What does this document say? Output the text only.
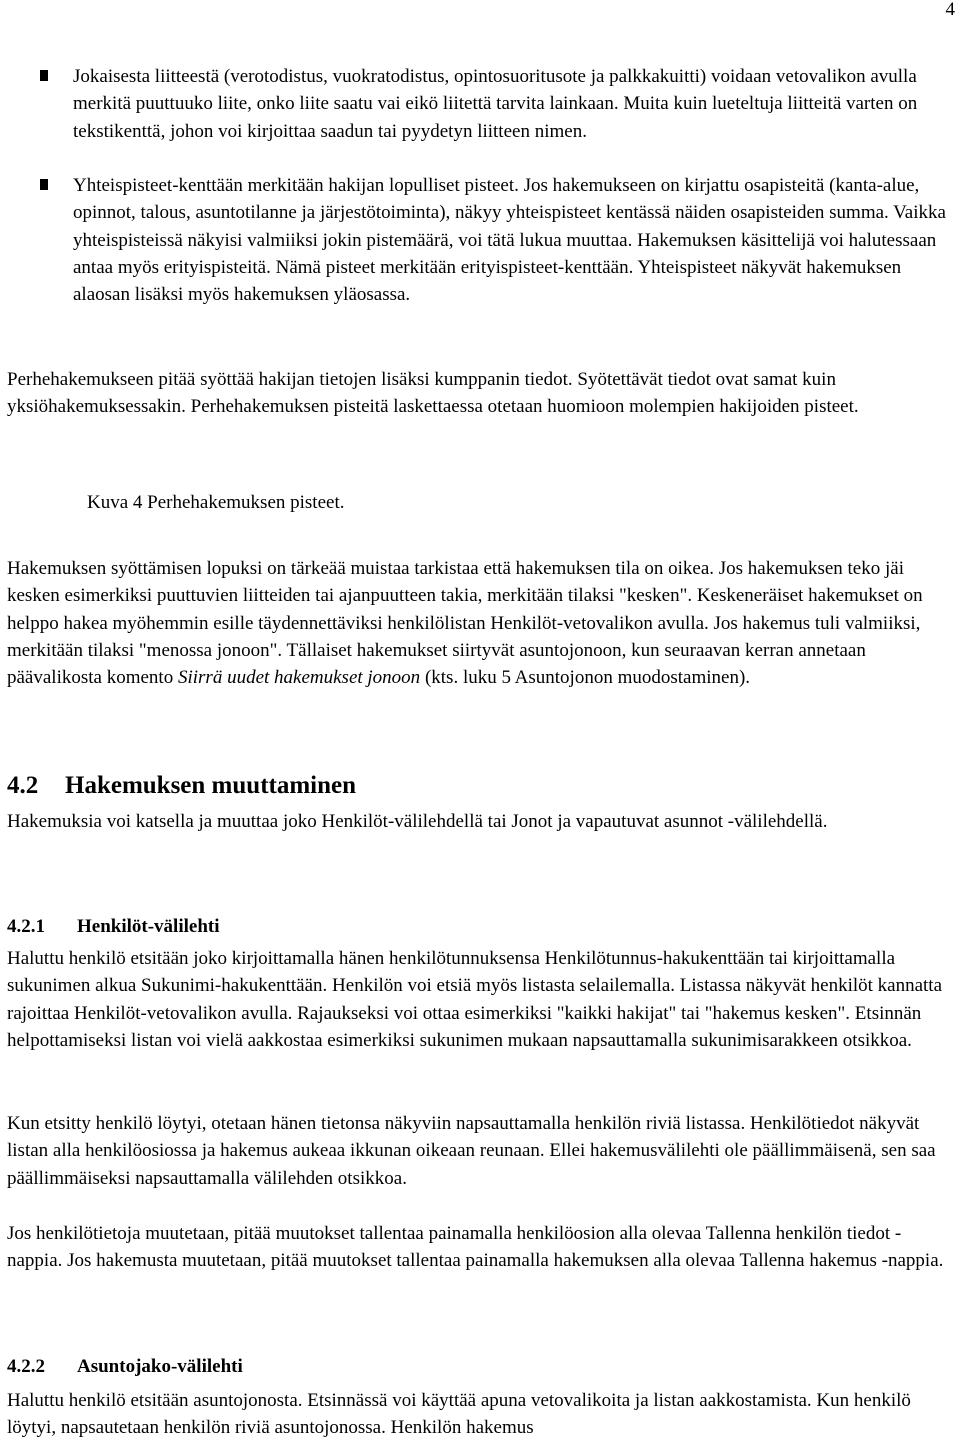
4

Jokaisesta liitteestä (verotodistus, vuokratodistus, opintosuoritusote ja palkkakuitti) voidaan vetovalikon avulla merkitä puuttuuko liite, onko liite saatu vai eikö liitettä tarvita lainkaan. Muita kuin lueteltuja liitteitä varten on tekstikenttä, johon voi kirjoittaa saadun tai pyydetyn liitteen nimen.

Yhteispisteet-kenttään merkitään hakijan lopulliset pisteet. Jos hakemukseen on kirjattu osapisteitä (kanta-alue, opinnot, talous, asuntotilanne ja järjestötoiminta), näkyy yhteispisteet kentässä näiden osapisteiden summa. Vaikka yhteispisteissä näkyisi valmiiksi jokin pistemäärä, voi tätä lukua muuttaa. Hakemuksen käsittelijä voi halutessaan antaa myös erityispisteitä. Nämä pisteet merkitään erityispisteet-kenttään. Yhteispisteet näkyvät hakemuksen alaosan lisäksi myös hakemuksen yläosassa.

Perhehakemukseen pitää syöttää hakijan tietojen lisäksi kumppanin tiedot. Syötettävät tiedot ovat samat kuin yksiöhakemuksessakin. Perhehakemuksen pisteitä laskettaessa otetaan huomioon molempien hakijoiden pisteet.

Kuva 4 Perhehakemuksen pisteet.

Hakemuksen syöttämisen lopuksi on tärkeää muistaa tarkistaa että hakemuksen tila on oikea. Jos hakemuksen teko jäi kesken esimerkiksi puuttuvien liitteiden tai ajanpuutteen takia, merkitään tilaksi "kesken". Keskeneräiset hakemukset on helppo hakea myöhemmin esille täydennettäviksi henkilölistan Henkilöt-vetovalikon avulla. Jos hakemus tuli valmiiksi, merkitään tilaksi "menossa jonoon". Tällaiset hakemukset siirtyvät asuntojonoon, kun seuraavan kerran annetaan päävalikosta komento Siirrä uudet hakemukset jonoon (kts. luku 5 Asuntojonon muodostaminen).

4.2 Hakemuksen muuttaminen

Hakemuksia voi katsella ja muuttaa joko Henkilöt-välilehdellä tai Jonot ja vapautuvat asunnot -välilehdellä.

4.2.1 Henkilöt-välilehti

Haluttu henkilö etsitään joko kirjoittamalla hänen henkilötunnuksensa Henkilötunnus-hakukenttään tai kirjoittamalla sukunimen alkua Sukunimi-hakukenttään. Henkilön voi etsiä myös listasta selailemalla. Listassa näkyvät henkilöt kannatta rajoittaa Henkilöt-vetovalikon avulla. Rajaukseksi voi ottaa esimerkiksi "kaikki hakijat" tai "hakemus kesken". Etsinnän helpottamiseksi listan voi vielä aakkostaa esimerkiksi sukunimen mukaan napsauttamalla sukunimisarakkeen otsikkoa.

Kun etsitty henkilö löytyi, otetaan hänen tietonsa näkyviin napsauttamalla henkilön riviä listassa. Henkilötiedot näkyvät listan alla henkilöosiossa ja hakemus aukeaa ikkunan oikeaan reunaan. Ellei hakemusvälilehti ole päällimmäisenä, sen saa päällimmäiseksi napsauttamalla välilehden otsikkoa.

Jos henkilötietoja muutetaan, pitää muutokset tallentaa painamalla henkilöosion alla olevaa Tallenna henkilön tiedot -nappia. Jos hakemusta muutetaan, pitää muutokset tallentaa painamalla hakemuksen alla olevaa Tallenna hakemus -nappia.

4.2.2 Asuntojako-välilehti

Haluttu henkilö etsitään asuntojonosta. Etsinnässä voi käyttää apuna vetovalikoita ja listan aakkostamista. Kun henkilö löytyi, napsautetaan henkilön riviä asuntojonossa. Henkilön hakemus
